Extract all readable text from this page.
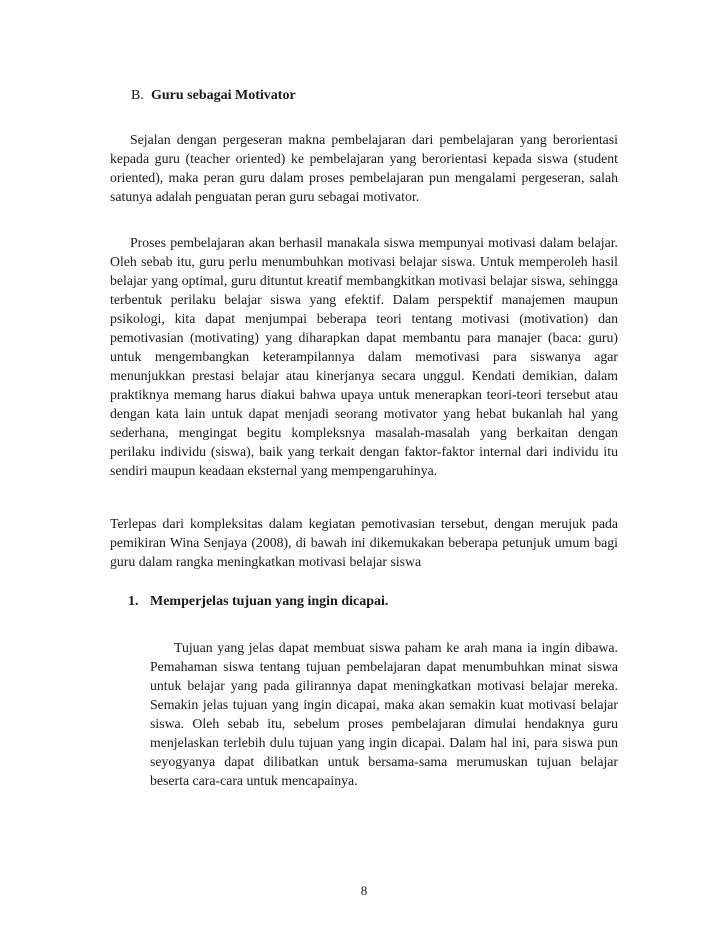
B. Guru sebagai Motivator

Sejalan dengan pergeseran makna pembelajaran dari pembelajaran yang berorientasi kepada guru (teacher oriented) ke pembelajaran yang berorientasi kepada siswa (student oriented), maka peran guru dalam proses pembelajaran pun mengalami pergeseran, salah satunya adalah penguatan peran guru sebagai motivator.

Proses pembelajaran akan berhasil manakala siswa mempunyai motivasi dalam belajar. Oleh sebab itu, guru perlu menumbuhkan motivasi belajar siswa. Untuk memperoleh hasil belajar yang optimal, guru dituntut kreatif membangkitkan motivasi belajar siswa, sehingga terbentuk perilaku belajar siswa yang efektif. Dalam perspektif manajemen maupun psikologi, kita dapat menjumpai beberapa teori tentang motivasi (motivation) dan pemotivasian (motivating) yang diharapkan dapat membantu para manajer (baca: guru) untuk mengembangkan keterampilannya dalam memotivasi para siswanya agar menunjukkan prestasi belajar atau kinerjanya secara unggul. Kendati demikian, dalam praktiknya memang harus diakui bahwa upaya untuk menerapkan teori-teori tersebut atau dengan kata lain untuk dapat menjadi seorang motivator yang hebat bukanlah hal yang sederhana, mengingat begitu kompleksnya masalah-masalah yang berkaitan dengan perilaku individu (siswa), baik yang terkait dengan faktor-faktor internal dari individu itu sendiri maupun keadaan eksternal yang mempengaruhinya.

Terlepas dari kompleksitas dalam kegiatan pemotivasian tersebut, dengan merujuk pada pemikiran Wina Senjaya (2008), di bawah ini dikemukakan beberapa petunjuk umum bagi guru dalam rangka meningkatkan motivasi belajar siswa

1. Memperjelas tujuan yang ingin dicapai.

Tujuan yang jelas dapat membuat siswa paham ke arah mana ia ingin dibawa. Pemahaman siswa tentang tujuan pembelajaran dapat menumbuhkan minat siswa untuk belajar yang pada gilirannya dapat meningkatkan motivasi belajar mereka. Semakin jelas tujuan yang ingin dicapai, maka akan semakin kuat motivasi belajar siswa. Oleh sebab itu, sebelum proses pembelajaran dimulai hendaknya guru menjelaskan terlebih dulu tujuan yang ingin dicapai. Dalam hal ini, para siswa pun seyogyanya dapat dilibatkan untuk bersama-sama merumuskan tujuan belajar beserta cara-cara untuk mencapainya.

8
